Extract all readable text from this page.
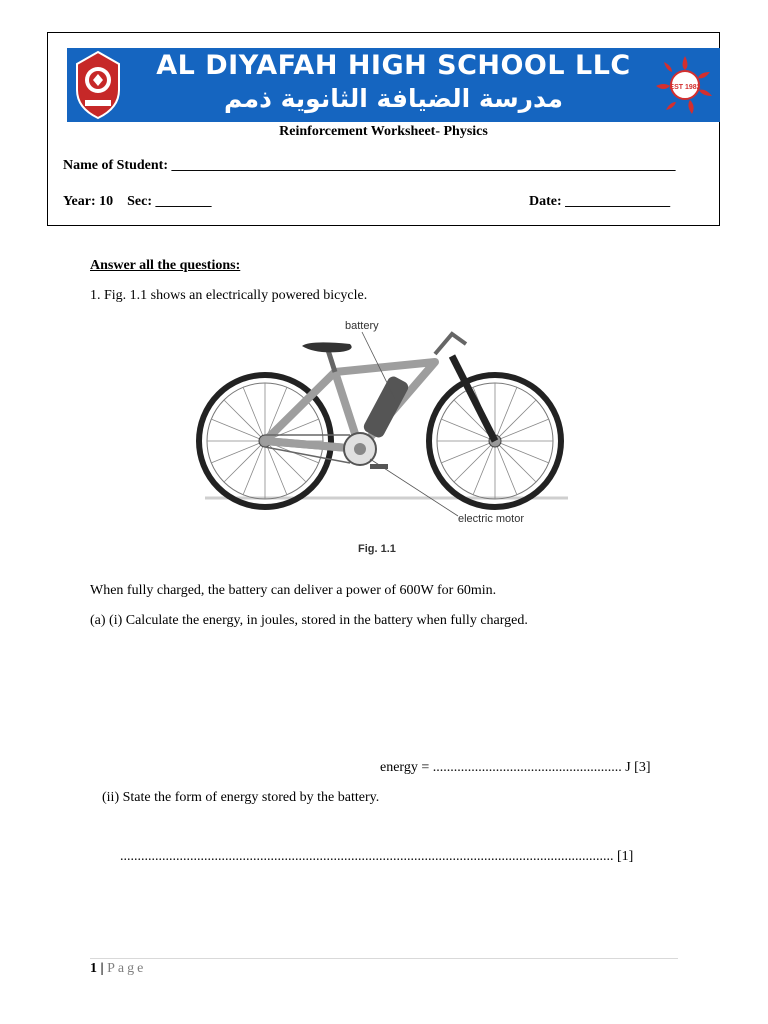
AL DIYAFAH HIGH SCHOOL LLC
مدرسة الضيافة الثانوية ذمم	EST 1982
Reinforcement Worksheet- Physics
Name of Student: ________________________________________________________________________
Year: 10    Sec: ________	Date: _______________
Answer all the questions:
1. Fig. 1.1 shows an electrically powered bicycle.
battery
electric motor
Fig. 1.1
When fully charged, the battery can deliver a power of 600W for 60min.
(a) (i) Calculate the energy, in joules, stored in the battery when fully charged.
energy = ...................................................... J [3]
(ii) State the form of energy stored by the battery.
............................................................................................................................................. [1]
1 | Page
